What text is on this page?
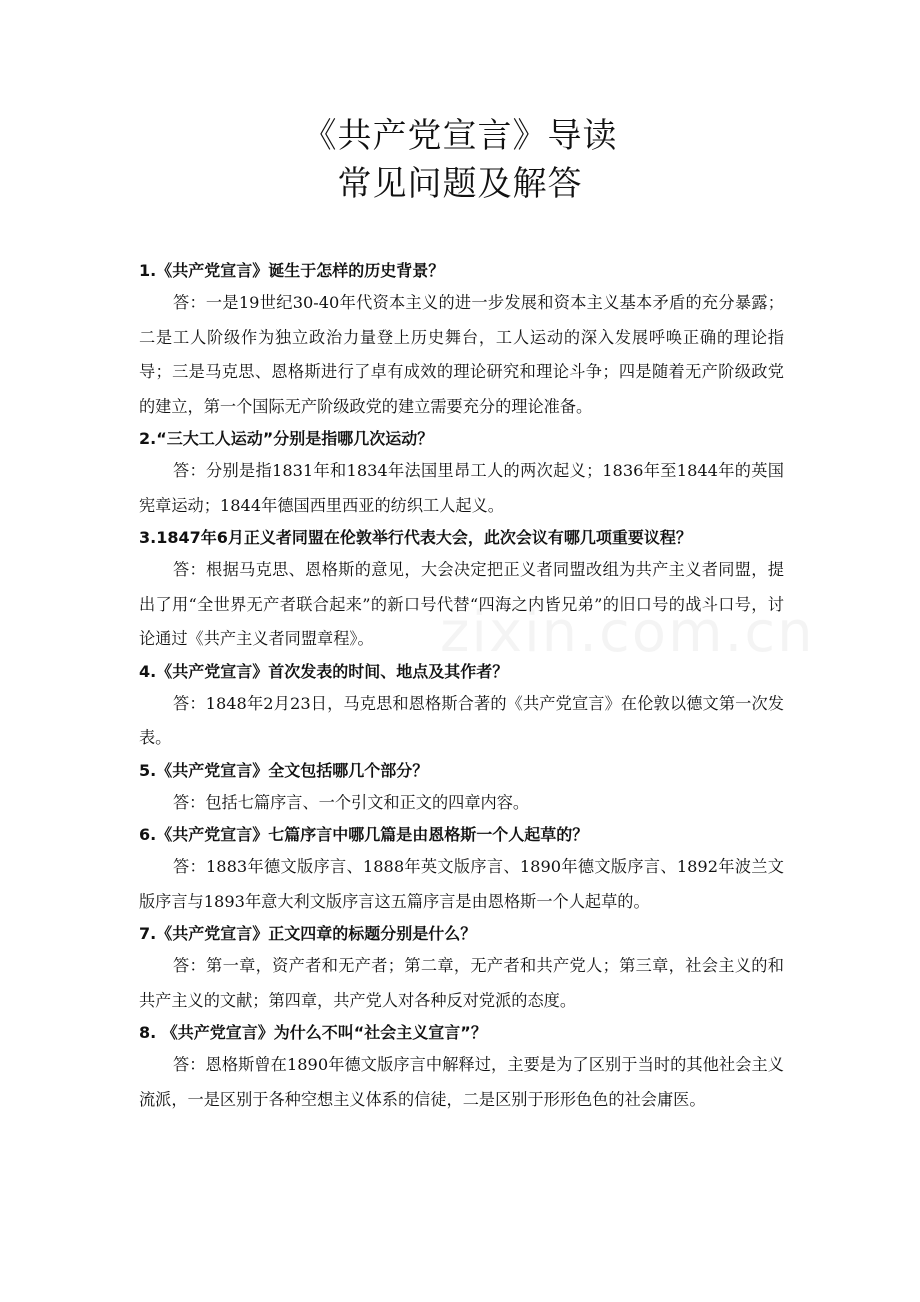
《共产党宣言》导读
常见问题及解答
1.《共产党宣言》诞生于怎样的历史背景？

答：一是19世纪30-40年代资本主义的进一步发展和资本主义基本矛盾的充分暴露；二是工人阶级作为独立政治力量登上历史舞台，工人运动的深入发展呼唤正确的理论指导；三是马克思、恩格斯进行了卓有成效的理论研究和理论斗争；四是随着无产阶级政党的建立，第一个国际无产阶级政党的建立需要充分的理论准备。

2.“三大工人运动”分别是指哪几次运动？

答：分别是指1831年和1834年法国里昂工人的两次起义；1836年至1844年的英国宪章运动；1844年德国西里西亚的纺织工人起义。

3.1847年6月正义者同盟在伦敦举行代表大会，此次会议有哪几项重要议程？

答：根据马克思、恩格斯的意见，大会决定把正义者同盟改组为共产主义者同盟，提出了用“全世界无产者联合起来”的新口号代替“四海之内皆兄弟”的旧口号的战斗口号，讨论通过《共产主义者同盟章程》。

4.《共产党宣言》首次发表的时间、地点及其作者？

答：1848年2月23日，马克思和恩格斯合著的《共产党宣言》在伦敦以德文第一次发表。

5.《共产党宣言》全文包括哪几个部分？

答：包括七篇序言、一个引文和正文的四章内容。

6.《共产党宣言》七篇序言中哪几篇是由恩格斯一个人起草的？

答：1883年德文版序言、1888年英文版序言、1890年德文版序言、1892年波兰文版序言与1893年意大利文版序言这五篇序言是由恩格斯一个人起草的。

7.《共产党宣言》正文四章的标题分别是什么？

答：第一章，资产者和无产者；第二章，无产者和共产党人；第三章，社会主义的和共产主义的文献；第四章，共产党人对各种反对党派的态度。

8. 《共产党宣言》为什么不叫“社会主义宣言”？

答：恩格斯曾在1890年德文版序言中解释过，主要是为了区别于当时的其他社会主义流派，一是区别于各种空想主义体系的信徒，二是区别于形形色色的社会庸医。
